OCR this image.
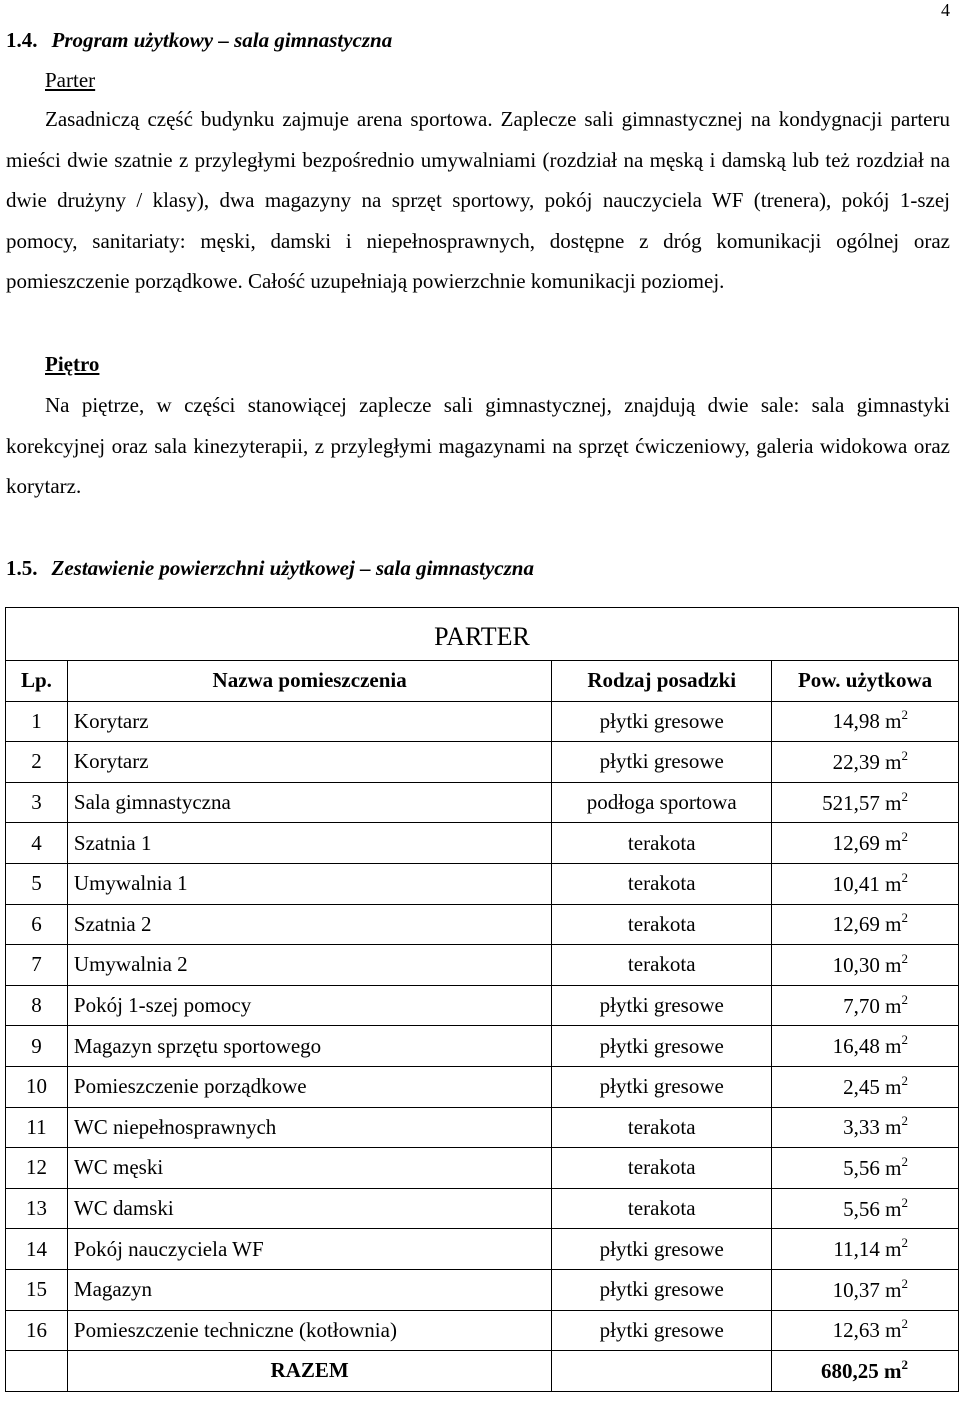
4
1.4. Program użytkowy – sala gimnastyczna
Parter
Zasadniczą część budynku zajmuje arena sportowa. Zaplecze sali gimnastycznej na kondygnacji parteru mieści dwie szatnie z przyległymi bezpośrednio umywalniami (rozdział na męską i damską lub też rozdział na dwie drużyny / klasy), dwa magazyny na sprzęt sportowy, pokój nauczyciela WF (trenera), pokój 1-szej pomocy, sanitariaty: męski, damski i niepełnosprawnych, dostępne z dróg komunikacji ogólnej oraz pomieszczenie porządkowe. Całość uzupełniają powierzchnie komunikacji poziomej.
Piętro
Na piętrze, w części stanowiącej zaplecze sali gimnastycznej, znajdują dwie sale: sala gimnastyki korekcyjnej oraz sala kinezyterapii, z przyległymi magazynami na sprzęt ćwiczeniowy, galeria widokowa oraz korytarz.
1.5. Zestawienie powierzchni użytkowej – sala gimnastyczna
PARTER			
Lp.	Nazwa pomieszczenia	Rodzaj posadzki	Pow. użytkowa
1	Korytarz	płytki gresowe	14,98 $m^2$
2	Korytarz	płytki gresowe	22,39 $m^2$
3	Sala gimnastyczna	podłoga sportowa	521,57 $m^2$
4	Szatnia 1	terakota	12,69 $m^2$
5	Umywalnia 1	terakota	10,41 $m^2$
6	Szatnia 2	terakota	12,69 $m^2$
7	Umywalnia 2	terakota	10,30 $m^2$
8	Pokój 1-szej pomocy	płytki gresowe	7,70 $m^2$
9	Magazyn sprzętu sportowego	płytki gresowe	16,48 $m^2$
10	Pomieszczenie porządkowe	płytki gresowe	2,45 $m^2$
11	WC niepełnosprawnych	terakota	3,33 $m^2$
12	WC męski	terakota	5,56 $m^2$
13	WC damski	terakota	5,56 $m^2$
14	Pokój nauczyciela WF	płytki gresowe	11,14 $m^2$
15	Magazyn	płytki gresowe	10,37 $m^2$
16	Pomieszczenie techniczne (kotłownia)	płytki gresowe	12,63 $m^2$
	RAZEM		680,25 $m^2$
